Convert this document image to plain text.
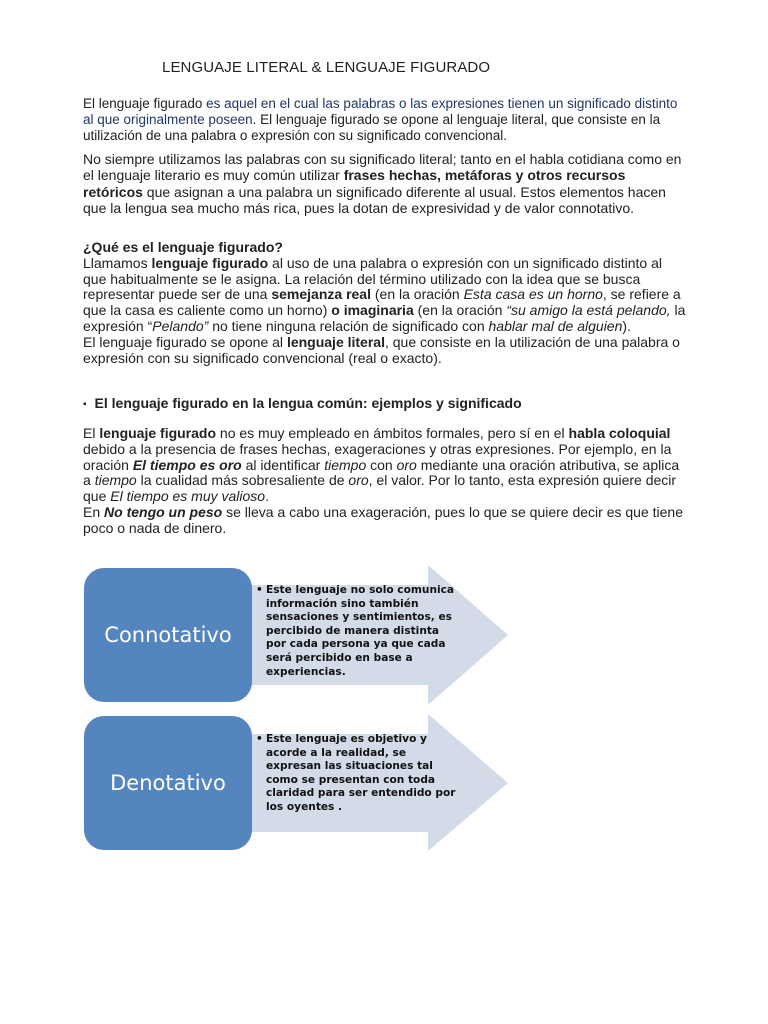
LENGUAJE LITERAL & LENGUAJE FIGURADO
El lenguaje figurado es aquel en el cual las palabras o las expresiones tienen un significado distinto al que originalmente poseen. El lenguaje figurado se opone al lenguaje literal, que consiste en la utilización de una palabra o expresión con su significado convencional.
No siempre utilizamos las palabras con su significado literal; tanto en el habla cotidiana como en el lenguaje literario es muy común utilizar frases hechas, metáforas y otros recursos retóricos que asignan a una palabra un significado diferente al usual. Estos elementos hacen que la lengua sea mucho más rica, pues la dotan de expresividad y de valor connotativo.
¿Qué es el lenguaje figurado?
Llamamos lenguaje figurado al uso de una palabra o expresión con un significado distinto al que habitualmente se le asigna. La relación del término utilizado con la idea que se busca representar puede ser de una semejanza real (en la oración Esta casa es un horno, se refiere a que la casa es caliente como un horno) o imaginaria (en la oración “su amigo la está pelando, la expresión “Pelando” no tiene ninguna relación de significado con hablar mal de alguien).
El lenguaje figurado se opone al lenguaje literal, que consiste en la utilización de una palabra o expresión con su significado convencional (real o exacto).
▪ El lenguaje figurado en la lengua común: ejemplos y significado
El lenguaje figurado no es muy empleado en ámbitos formales, pero sí en el habla coloquial debido a la presencia de frases hechas, exageraciones y otras expresiones. Por ejemplo, en la oración El tiempo es oro al identificar tiempo con oro mediante una oración atributiva, se aplica a tiempo la cualidad más sobresaliente de oro, el valor. Por lo tanto, esta expresión quiere decir que El tiempo es muy valioso.
En No tengo un peso se lleva a cabo una exageración, pues lo que se quiere decir es que tiene poco o nada de dinero.
Connotativo
• Este lenguaje no solo comunica información sino también sensaciones y sentimientos, es percibido de manera distinta por cada persona ya que cada será percibido en base a experiencias.
Denotativo
• Este lenguaje es objetivo y acorde a la realidad, se expresan las situaciones tal como se presentan con toda claridad para ser entendido por los oyentes .
